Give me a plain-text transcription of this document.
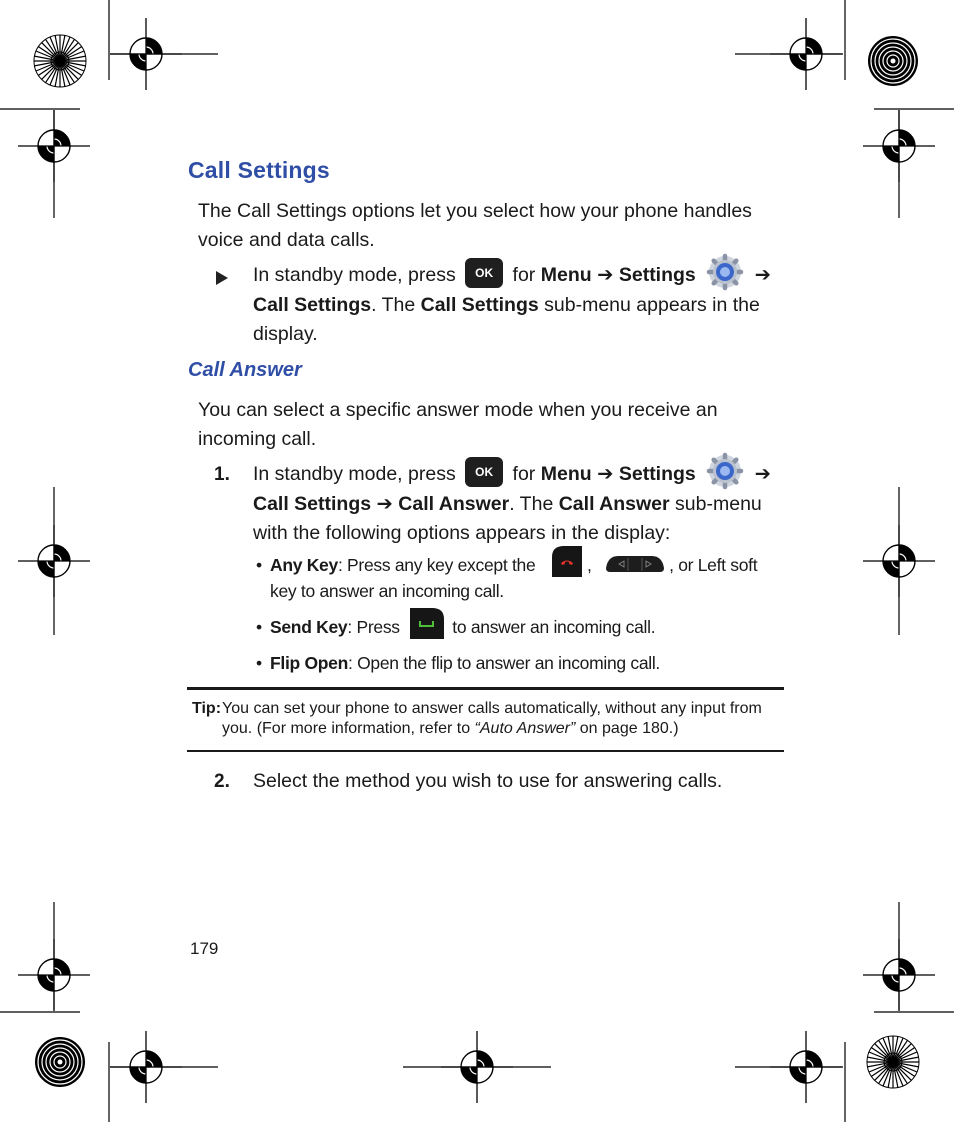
Call Settings

The Call Settings options let you select how your phone handles voice and data calls.

In standby mode, press OK for Menu ➔ Settings	➔
Call Settings. The Call Settings sub-menu appears in the display.

Call Answer

You can select a specific answer mode when you receive an incoming call.

1. In standby mode, press OK for Menu ➔ Settings	➔
Call Settings ➔ Call Answer. The Call Answer sub-menu with the following options appears in the display:

• Any Key: Press any key except the	,	, or Left soft key to answer an incoming call.
• Send Key: Press	to answer an incoming call.
• Flip Open: Open the flip to answer an incoming call.
Tip: You can set your phone to answer calls automatically, without any input from you. (For more information, refer to “Auto Answer” on page 180.)

2. Select the method you wish to use for answering calls.

179
